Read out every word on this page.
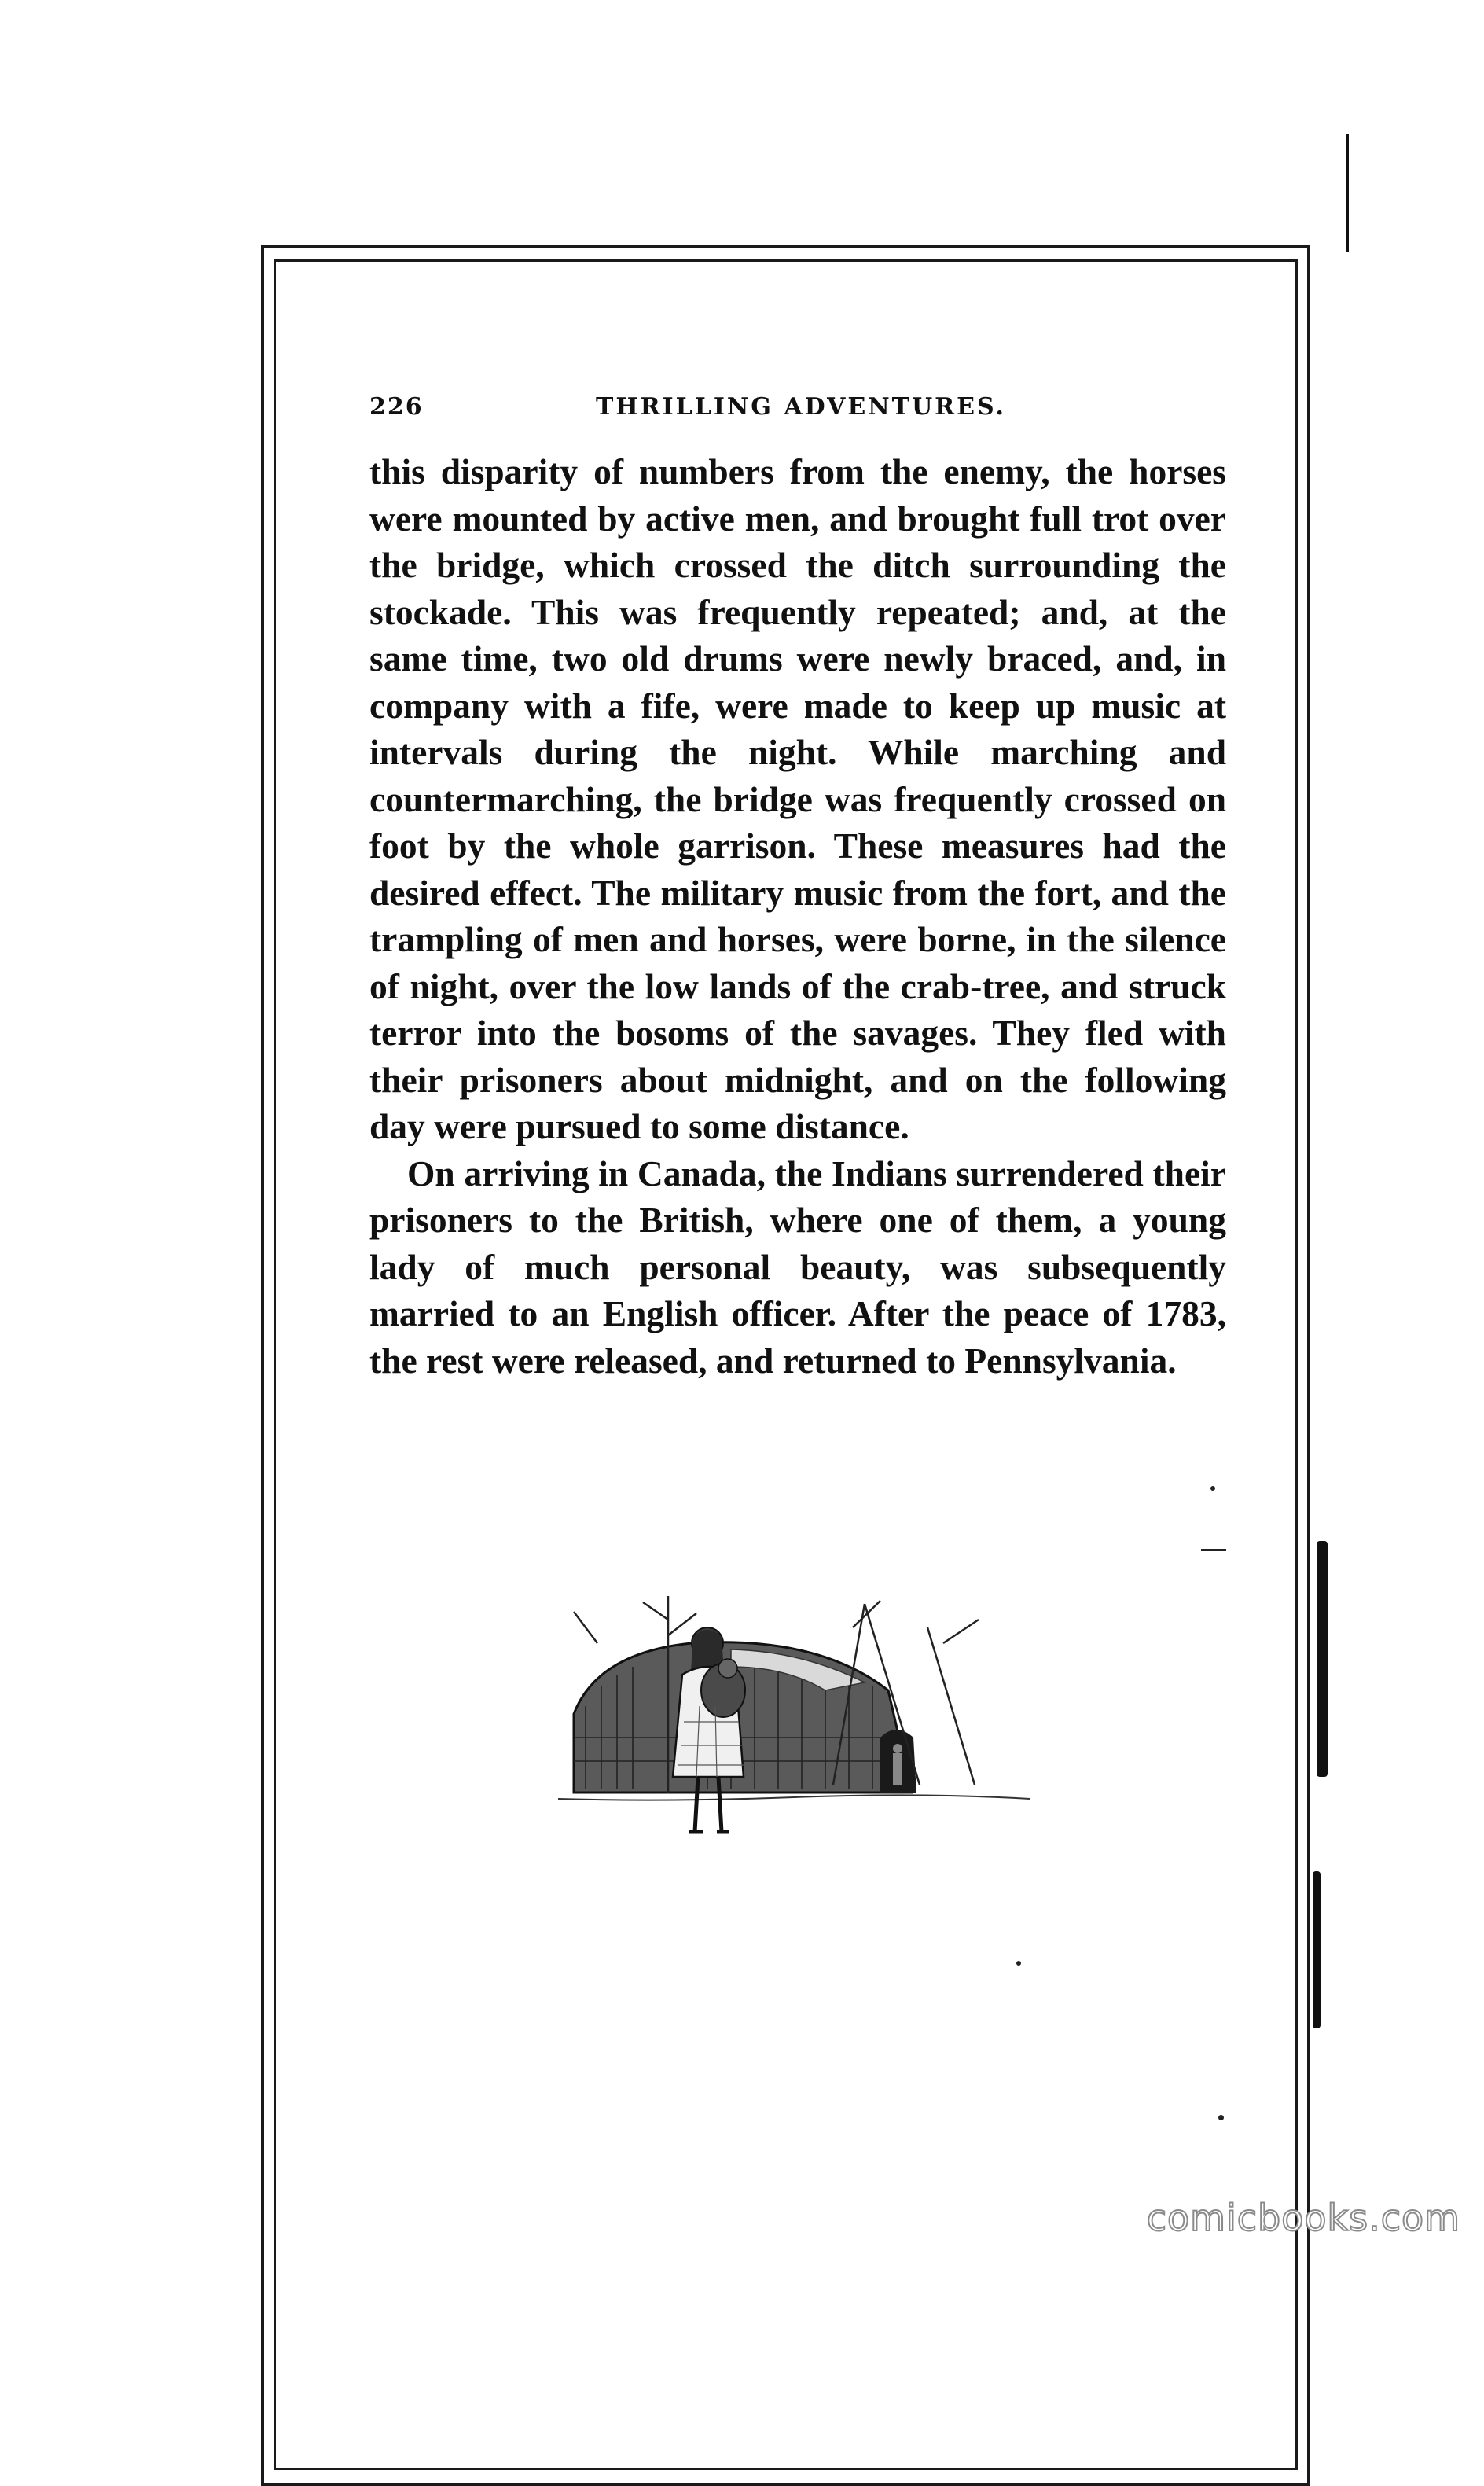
226	THRILLING ADVENTURES.

this disparity of numbers from the enemy, the horses were mounted by active men, and brought full trot over the bridge, which crossed the ditch surrounding the stockade. This was frequently repeated; and, at the same time, two old drums were newly braced, and, in company with a fife, were made to keep up music at intervals during the night. While marching and countermarching, the bridge was frequently crossed on foot by the whole garrison. These measures had the desired effect. The military music from the fort, and the trampling of men and horses, were borne, in the silence of night, over the low lands of the crab-tree, and struck terror into the bosoms of the savages. They fled with their prisoners about midnight, and on the following day were pursued to some distance.

On arriving in Canada, the Indians surrendered their prisoners to the British, where one of them, a young lady of much personal beauty, was subsequently married to an English officer. After the peace of 1783, the rest were released, and returned to Pennsylvania.

comicbooks.com
